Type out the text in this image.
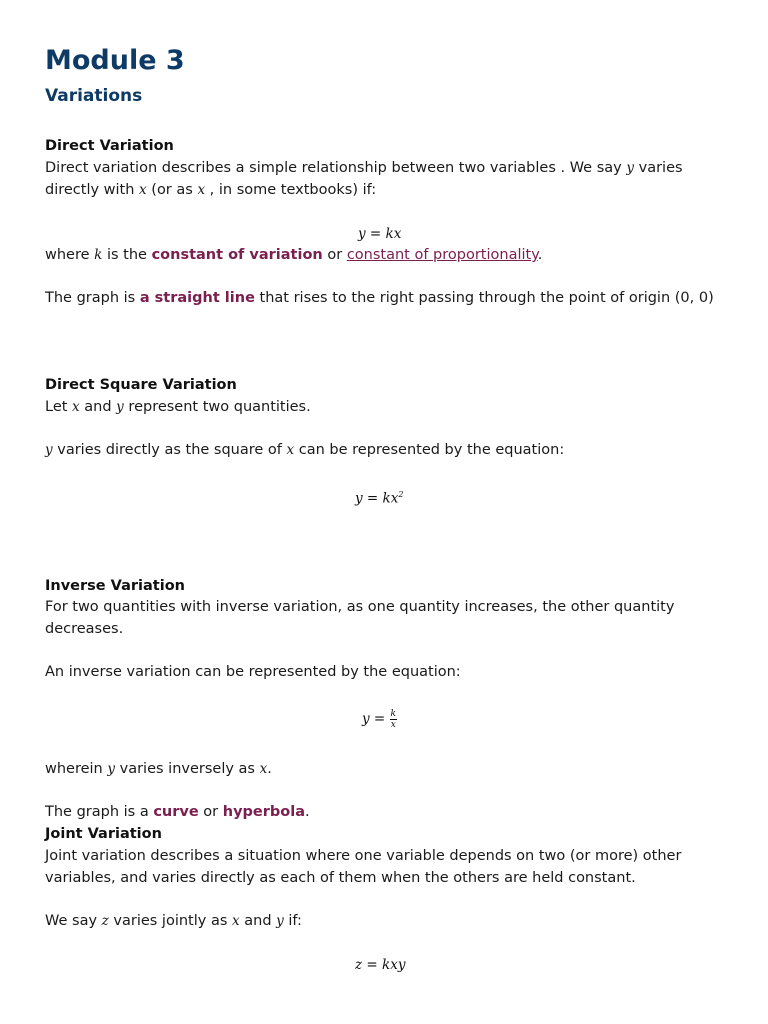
Module 3
Variations
Direct Variation

Direct variation describes a simple relationship between two variables . We say y varies

directly with x (or as x , in some textbooks) if:

y = kx

where k is the constant of variation or constant of proportionality.

The graph is a straight line that rises to the right passing through the point of origin (0, 0)

Direct Square Variation

Let x and y represent two quantities.

y varies directly as the square of x can be represented by the equation:

$y = kx^2$
Inverse Variation

For two quantities with inverse variation, as one quantity increases, the other quantity

decreases.

An inverse variation can be represented by the equation:

$y = \frac{k}{x}$

wherein y varies inversely as x.

The graph is a curve or hyperbola.

Joint Variation

Joint variation describes a situation where one variable depends on two (or more) other

variables, and varies directly as each of them when the others are held constant.

We say z varies jointly as x and y if:

z = kxy
